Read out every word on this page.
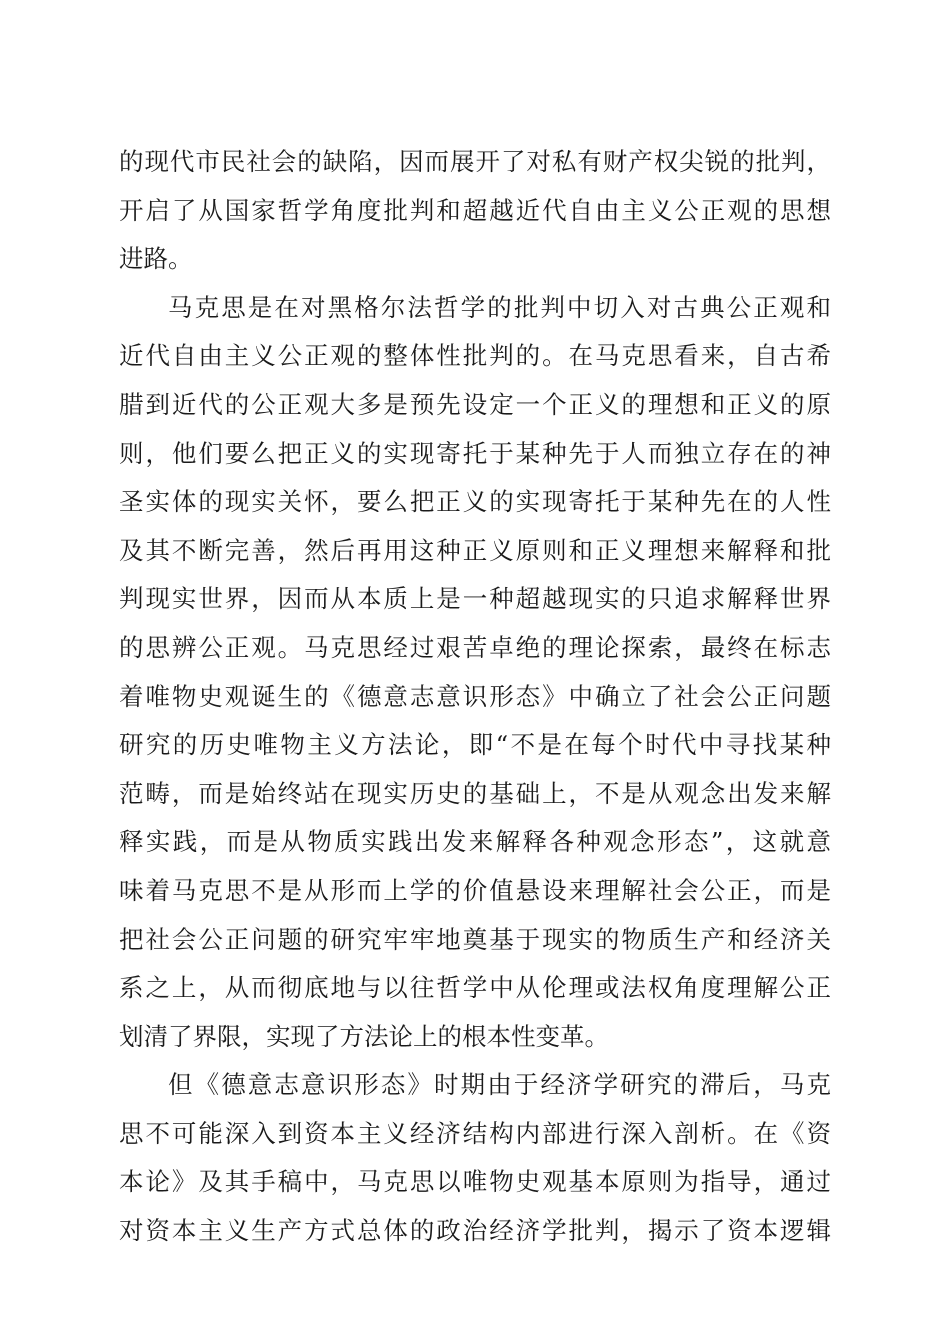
的现代市民社会的缺陷，因而展开了对私有财产权尖锐的批判，
开启了从国家哲学角度批判和超越近代自由主义公正观的思想
进路。
马克思是在对黑格尔法哲学的批判中切入对古典公正观和
近代自由主义公正观的整体性批判的。在马克思看来，自古希
腊到近代的公正观大多是预先设定一个正义的理想和正义的原
则，他们要么把正义的实现寄托于某种先于人而独立存在的神
圣实体的现实关怀，要么把正义的实现寄托于某种先在的人性
及其不断完善，然后再用这种正义原则和正义理想来解释和批
判现实世界，因而从本质上是一种超越现实的只追求解释世界
的思辨公正观。马克思经过艰苦卓绝的理论探索，最终在标志
着唯物史观诞生的《德意志意识形态》中确立了社会公正问题
研究的历史唯物主义方法论，即“不是在每个时代中寻找某种
范畴，而是始终站在现实历史的基础上，不是从观念出发来解
释实践，而是从物质实践出发来解释各种观念形态”，这就意
味着马克思不是从形而上学的价值悬设来理解社会公正，而是
把社会公正问题的研究牢牢地奠基于现实的物质生产和经济关
系之上，从而彻底地与以往哲学中从伦理或法权角度理解公正
划清了界限，实现了方法论上的根本性变革。
但《德意志意识形态》时期由于经济学研究的滞后，马克
思不可能深入到资本主义经济结构内部进行深入剖析。在《资
本论》及其手稿中，马克思以唯物史观基本原则为指导，通过
对资本主义生产方式总体的政治经济学批判，揭示了资本逻辑
